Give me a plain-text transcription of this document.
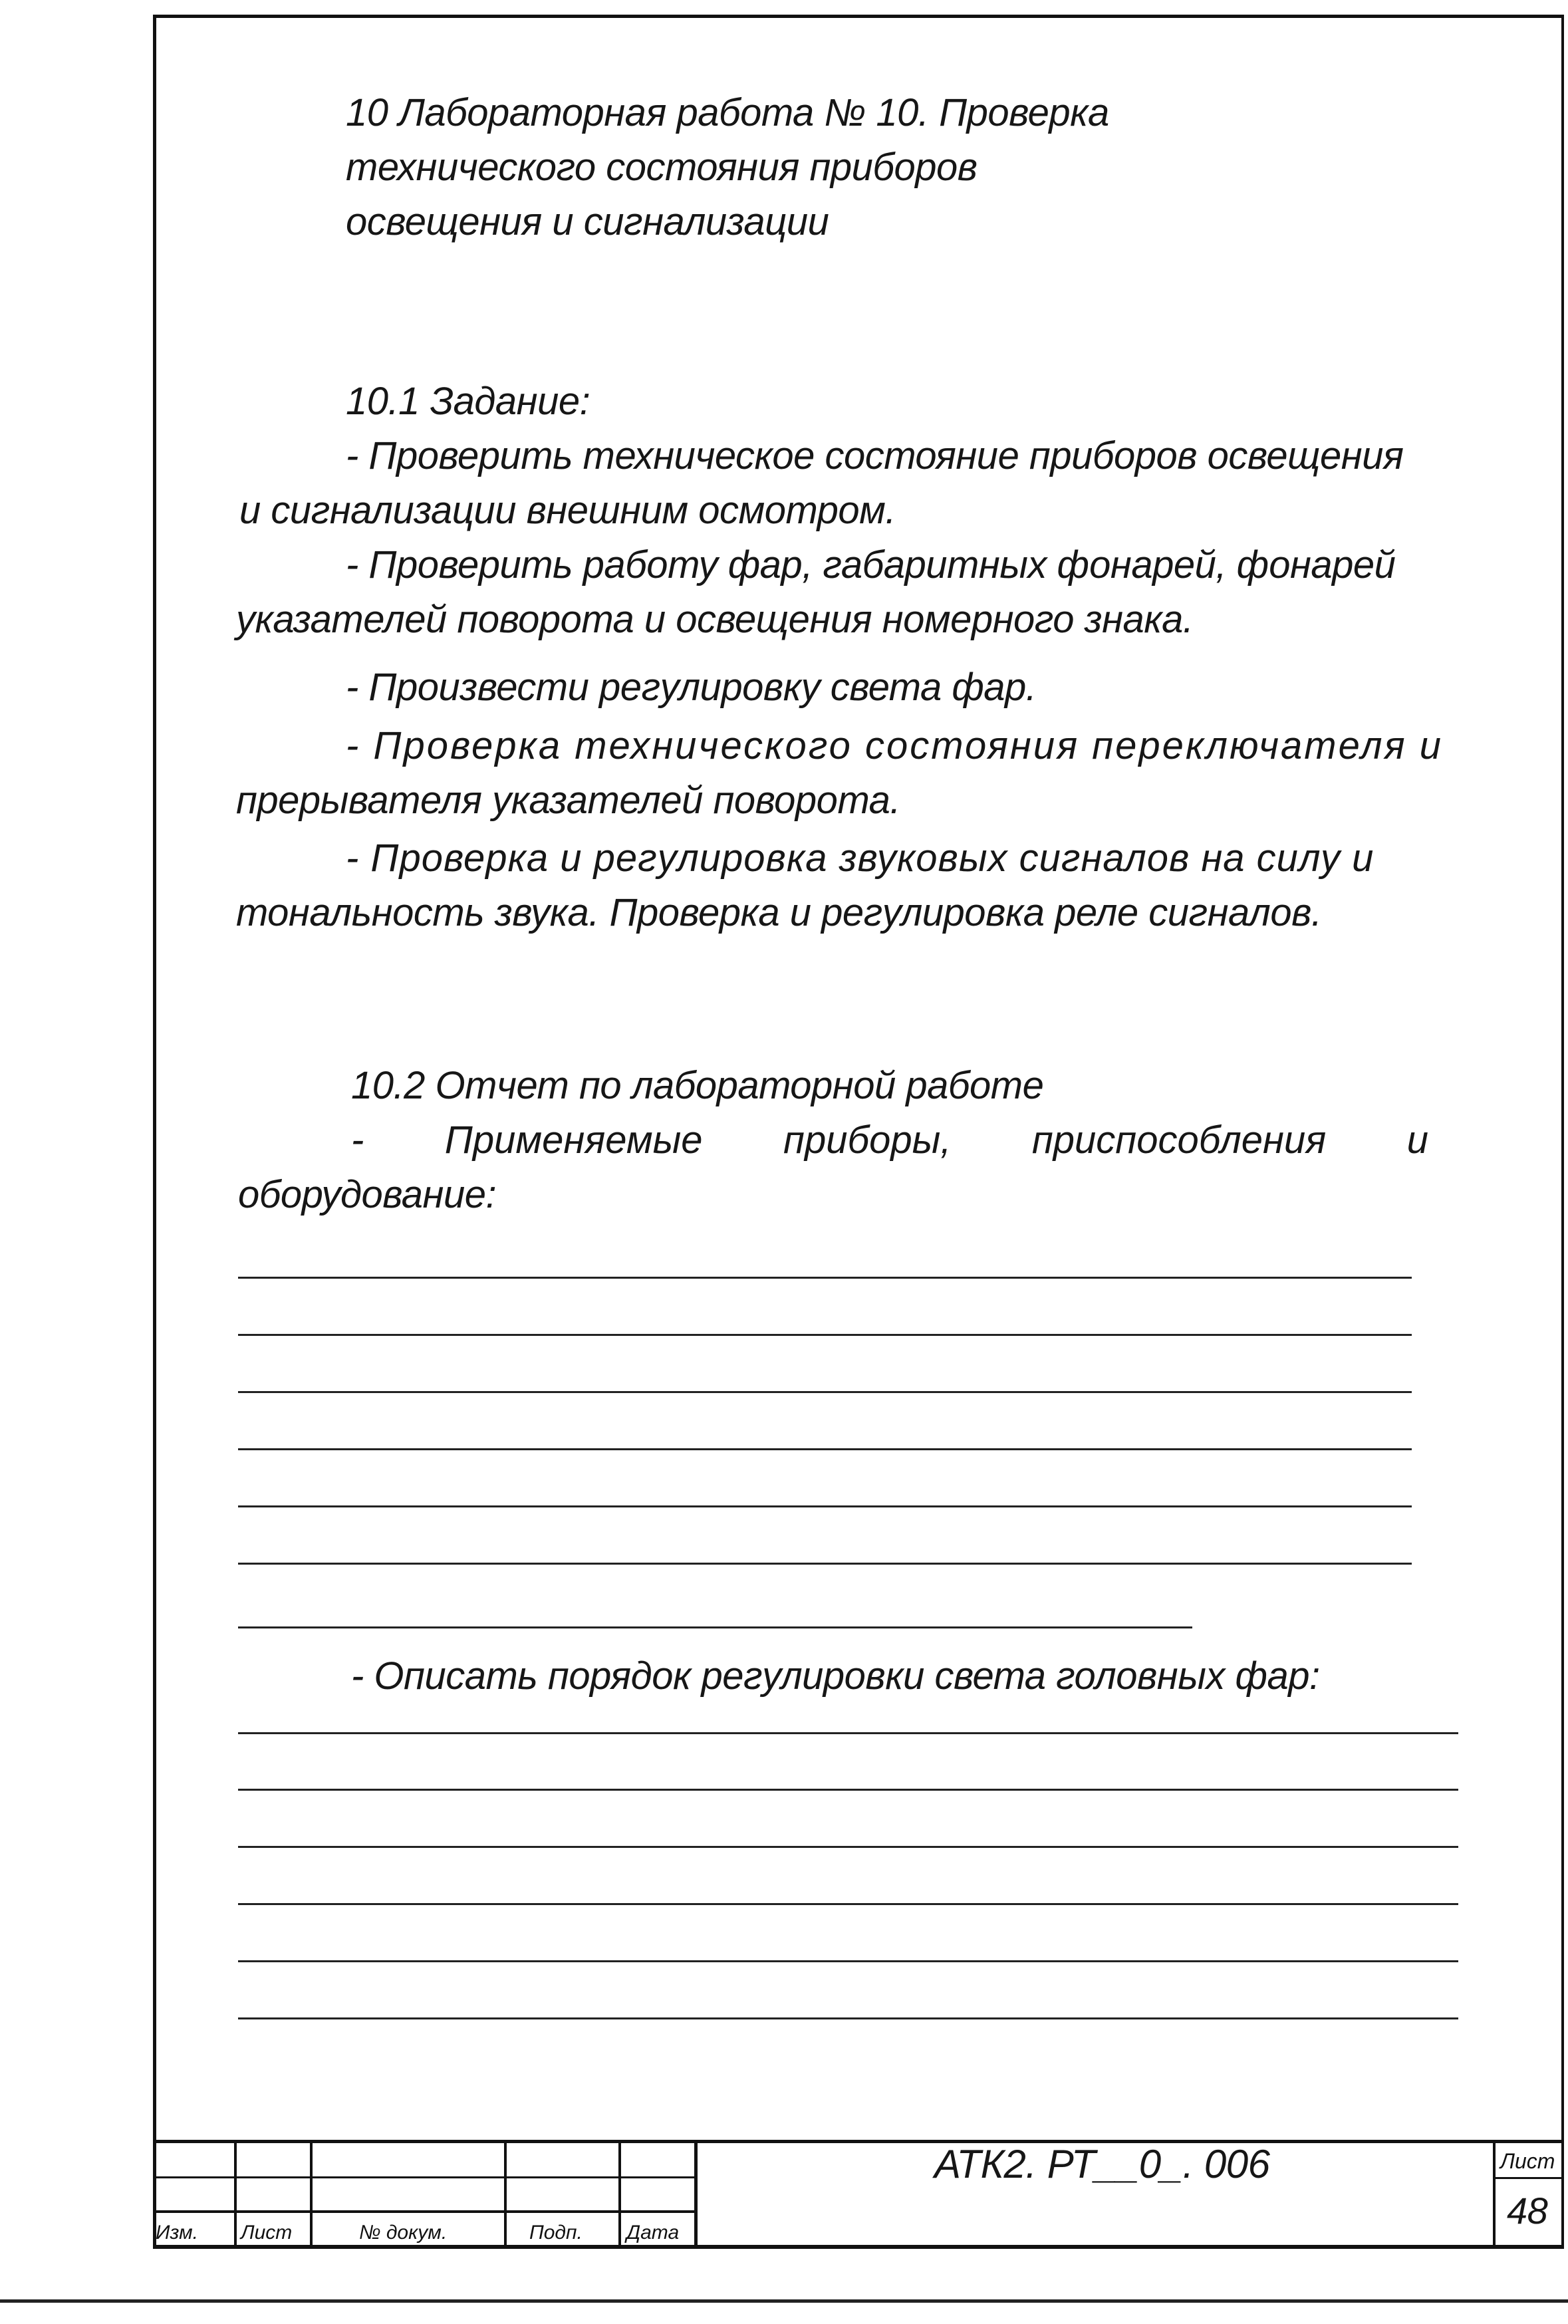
10 Лабораторная работа № 10. Проверка
технического состояния приборов
освещения и сигнализации
10.1 Задание:
- Проверить техническое состояние приборов освещения
и сигнализации внешним осмотром.
- Проверить работу фар, габаритных фонарей, фонарей
указателей поворота и освещения номерного знака.
- Произвести регулировку света фар.
- Проверка технического состояния переключателя и
прерывателя указателей поворота.
- Проверка и регулировка звуковых сигналов на силу и
тональность звука. Проверка и регулировка реле сигналов.
10.2 Отчет по лабораторной работе
- Применяемые приборы, приспособления и
оборудование:
- Описать порядок регулировки света головных фар:
Изм. Лист	№ докум.	Подп. Дата
АТК2. РТ__0_. 006	Лист
48
